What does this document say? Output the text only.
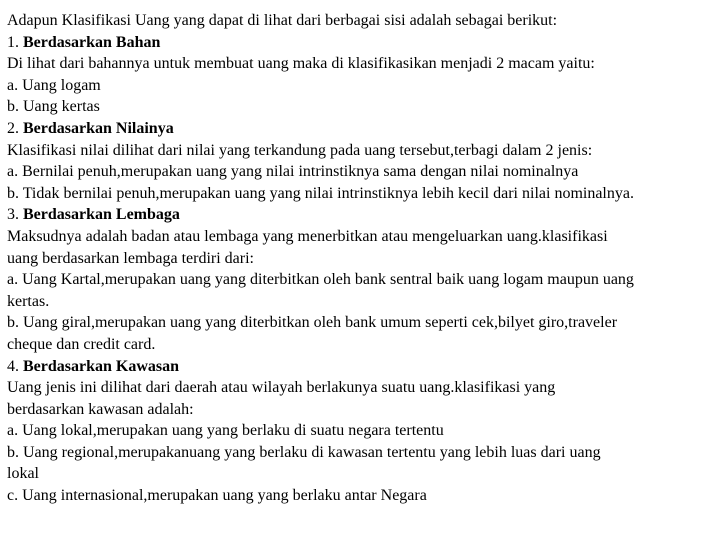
Adapun Klasifikasi Uang yang dapat di lihat dari berbagai sisi adalah sebagai berikut:
1. Berdasarkan Bahan
Di lihat dari bahannya untuk membuat uang maka di klasifikasikan menjadi 2 macam yaitu:
a. Uang logam
b. Uang kertas
2. Berdasarkan Nilainya
Klasifikasi nilai dilihat dari nilai yang terkandung pada uang tersebut,terbagi dalam 2 jenis:
a. Bernilai penuh,merupakan uang yang nilai intrinstiknya sama dengan nilai nominalnya
b. Tidak bernilai penuh,merupakan uang yang nilai intrinstiknya lebih kecil dari nilai nominalnya.
3. Berdasarkan Lembaga
Maksudnya adalah badan atau lembaga yang menerbitkan atau mengeluarkan uang.klasifikasi
uang berdasarkan lembaga terdiri dari:
a. Uang Kartal,merupakan uang yang diterbitkan oleh bank sentral baik uang logam maupun uang
kertas.
b. Uang giral,merupakan uang yang diterbitkan oleh bank umum seperti cek,bilyet giro,traveler
cheque dan credit card.
4. Berdasarkan Kawasan
Uang jenis ini dilihat dari daerah atau wilayah berlakunya suatu uang.klasifikasi yang
berdasarkan kawasan adalah:
a. Uang lokal,merupakan uang yang berlaku di suatu negara tertentu
b. Uang regional,merupakanuang yang berlaku di kawasan tertentu yang lebih luas dari uang
lokal
c. Uang internasional,merupakan uang yang berlaku antar Negara
